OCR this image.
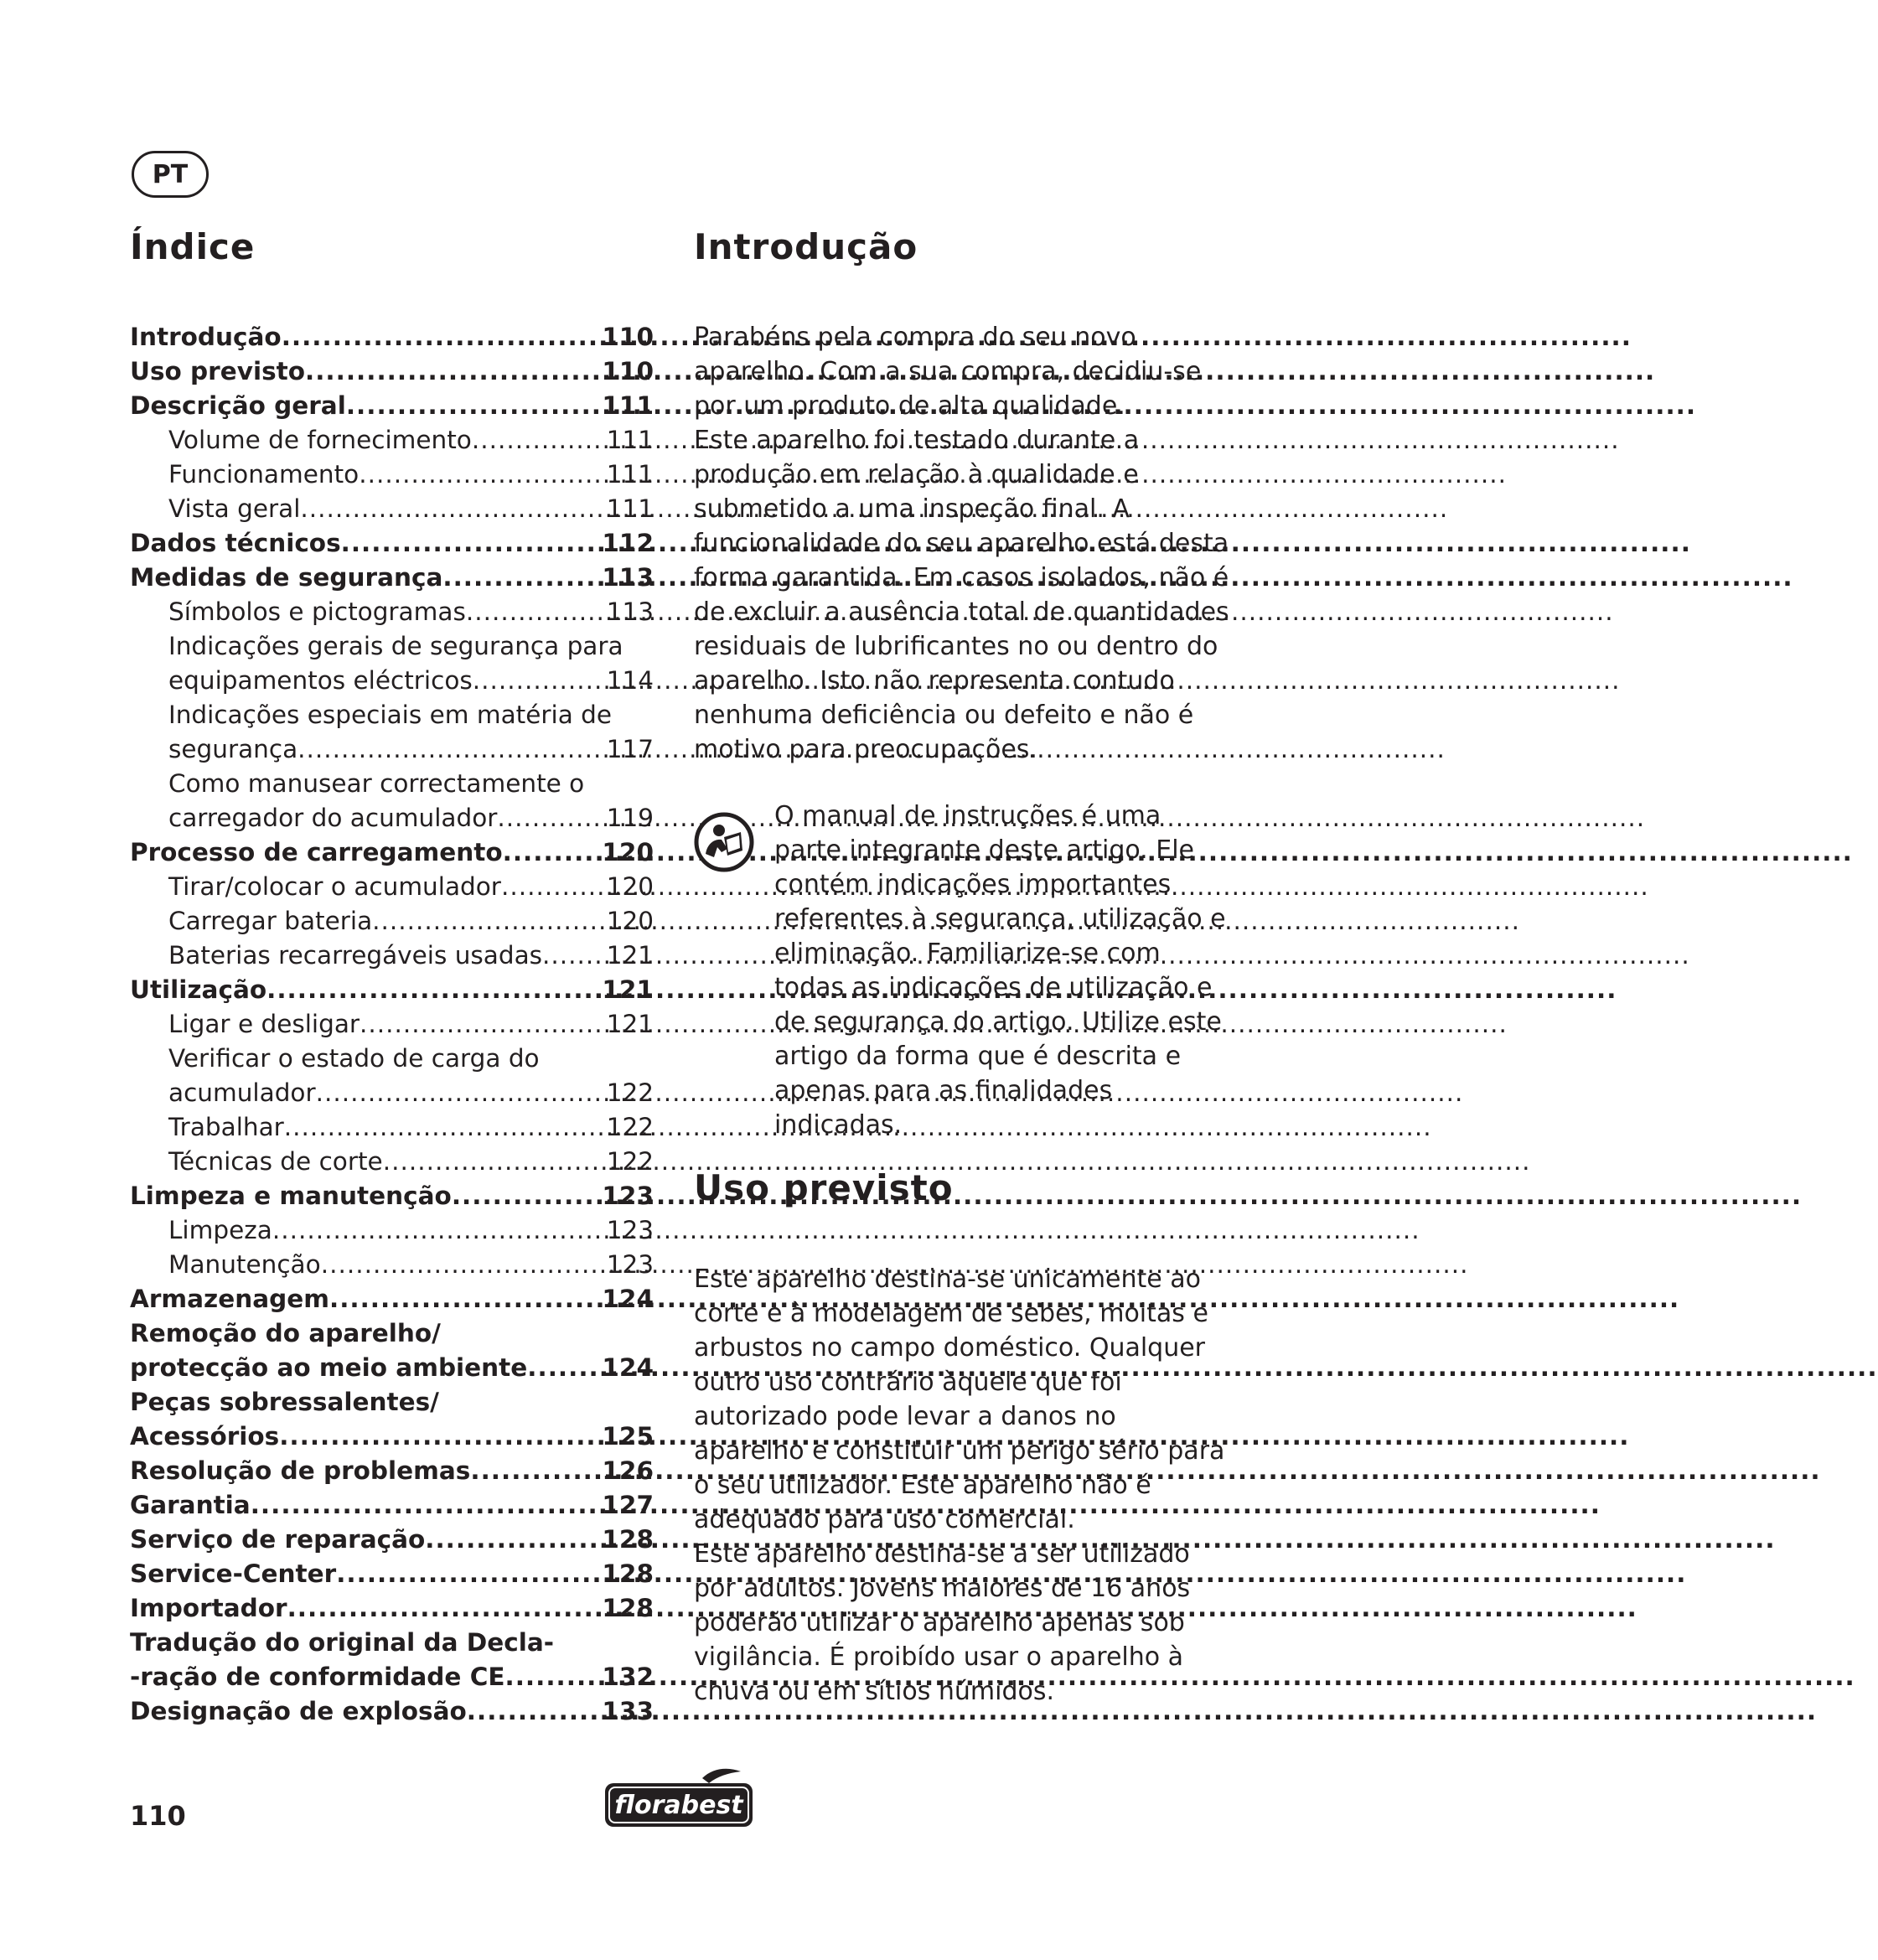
PT
Índice
Introdução .....	110
Uso previsto .....	110
Descrição geral .....	111
Volume de fornecimento .....	111
Funcionamento .....	111
Vista geral .....	111
Dados técnicos .....	112
Medidas de segurança .....	113
Símbolos e pictogramas .....	113
Indicações gerais de segurança para
equipamentos eléctricos .....	114
Indicações especiais em matéria de
segurança .....	117
Como manusear correctamente o
carregador do acumulador .....	119
Processo de carregamento .....	120
Tirar/colocar o acumulador .....	120
Carregar bateria .....	120
Baterias recarregáveis usadas .....	121
Utilização .....	121
Ligar e desligar .....	121
Verificar o estado de carga do
acumulador .....	122
Trabalhar .....	122
Técnicas de corte .....	122
Limpeza e manutenção .....	123
Limpeza .....	123
Manutenção .....	123
Armazenagem .....	124
Remoção do aparelho/
protecção ao meio ambiente .....	124
Peças sobressalentes/
Acessórios .....	125
Resolução de problemas .....	126
Garantia .....	127
Serviço de reparação .....	128
Service-Center .....	128
Importador .....	128
Tradução do original da Decla-
-ração de conformidade CE .....	132
Designação de explosão .....	133
Introdução

Parabéns pela compra do seu novo aparelho. Com a sua compra, decidiu-se por um produto de alta qualidade.

Este aparelho foi testado durante a produção em relação à qualidade e submetido a uma inspeção final. A funcionalidade do seu aparelho está desta forma garantida. Em casos isolados, não é de excluir a ausência total de quantidades residuais de lubrificantes no ou dentro do aparelho. Isto não representa contudo nenhuma deficiência ou defeito e não é motivo para preocupações.

O manual de instruções é uma parte integrante deste artigo. Ele contém indicações importantes referentes à segurança, utilização e eliminação. Familiarize-se com todas as indicações de utilização e de segurança do artigo. Utilize este artigo da forma que é descrita e apenas para as finalidades indicadas.

Uso previsto

Este aparelho destina-se unicamente ao corte e à modelagem de sebes, moitas e arbustos no campo doméstico. Qualquer outro uso contrário àquele que foi autorizado pode levar a danos no aparelho e constituir um perigo sério para o seu utilizador. Este aparelho não é adequado para uso comercial.

Este aparelho destina-se a ser utilizado por adultos. Jovens maiores de 16 anos poderão utilizar o aparelho apenas sob vigilância. É proibído usar o aparelho à chuva ou em sítios húmidos.

110	florabest
